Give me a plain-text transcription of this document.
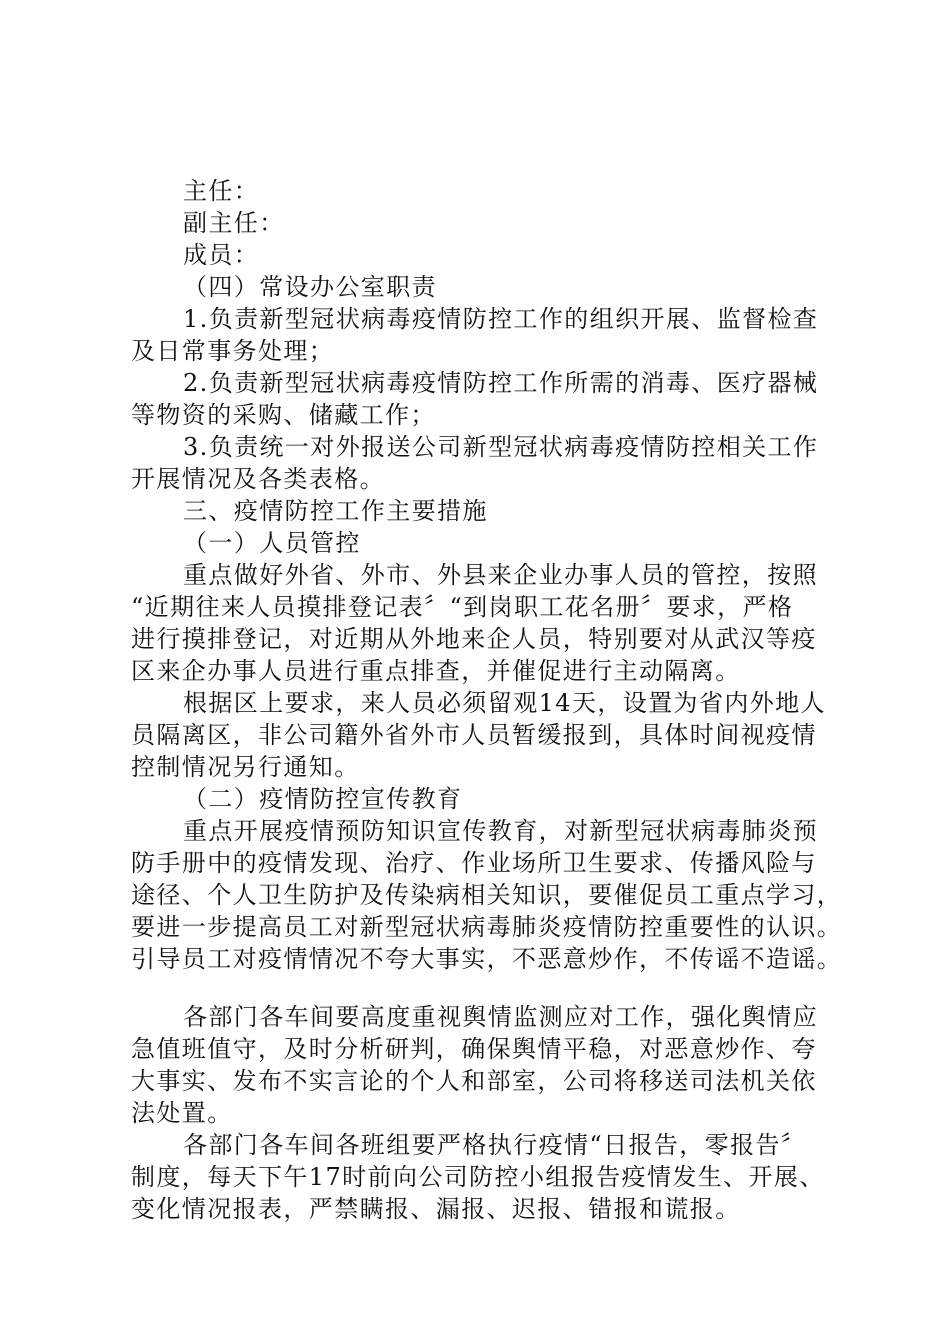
主任：
副主任：
成员：
（四）常设办公室职责
1.负责新型冠状病毒疫情防控工作的组织开展、监督检查
及日常事务处理；
2.负责新型冠状病毒疫情防控工作所需的消毒、医疗器械
等物资的采购、储藏工作；
3.负责统一对外报送公司新型冠状病毒疫情防控相关工作
开展情况及各类表格。
三、疫情防控工作主要措施
（一）人员管控
重点做好外省、外市、外县来企业办事人员的管控，按照
“近期往来人员摸排登记表〞“到岗职工花名册〞要求，严格
进行摸排登记，对近期从外地来企人员，特别要对从武汉等疫
区来企办事人员进行重点排查，并催促进行主动隔离。
根据区上要求，来人员必须留观14天，设置为省内外地人
员隔离区，非公司籍外省外市人员暂缓报到，具体时间视疫情
控制情况另行通知。
（二）疫情防控宣传教育
重点开展疫情预防知识宣传教育，对新型冠状病毒肺炎预
防手册中的疫情发现、治疗、作业场所卫生要求、传播风险与
途径、个人卫生防护及传染病相关知识，要催促员工重点学习，
要进一步提高员工对新型冠状病毒肺炎疫情防控重要性的认识。
引导员工对疫情情况不夸大事实，不恶意炒作，不传谣不造谣。
各部门各车间要高度重视舆情监测应对工作，强化舆情应
急值班值守，及时分析研判，确保舆情平稳，对恶意炒作、夸
大事实、发布不实言论的个人和部室，公司将移送司法机关依
法处置。
各部门各车间各班组要严格执行疫情“日报告，零报告〞
制度，每天下午17时前向公司防控小组报告疫情发生、开展、
变化情况报表，严禁瞒报、漏报、迟报、错报和谎报。
